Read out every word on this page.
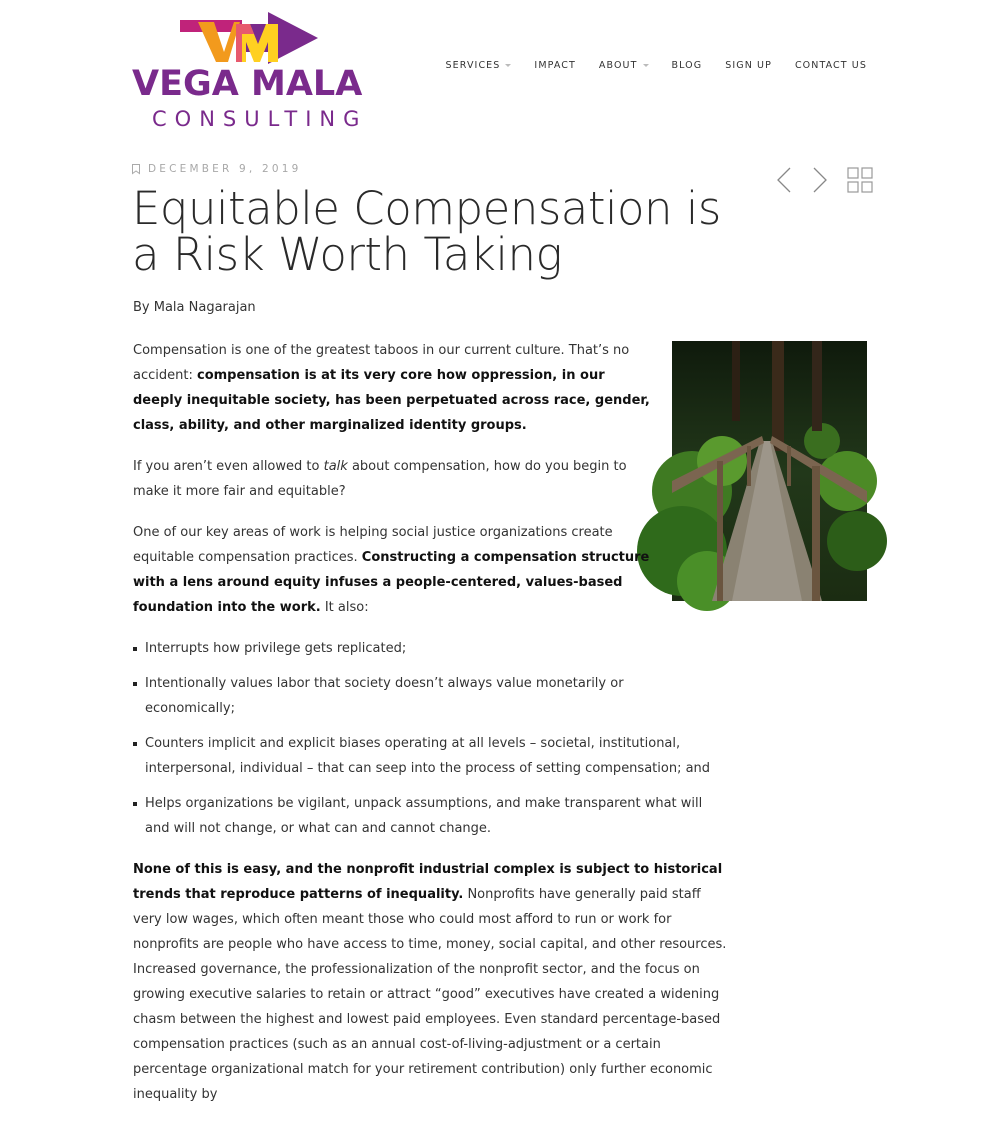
VEGA MALA
CONSULTING
SERVICES	IMPACT ABOUT	BLOG SIGN UP CONTACT US
DECEMBER 9, 2019
Equitable Compensation is a Risk Worth Taking
By Mala Nagarajan

Compensation is one of the greatest taboos in our current culture. That’s no accident: compensation is at its very core how oppression, in our deeply inequitable society, has been perpetuated across race, gender, class, ability, and other marginalized identity groups.

If you aren’t even allowed to talk about compensation, how do you begin to make it more fair and equitable?

One of our key areas of work is helping social justice organizations create equitable compensation practices. Constructing a compensation structure with a lens around equity infuses a people-centered, values-based foundation into the work. It also:

Interrupts how privilege gets replicated;
Intentionally values labor that society doesn’t always value monetarily or economically;
Counters implicit and explicit biases operating at all levels – societal, institutional, interpersonal, individual – that can seep into the process of setting compensation; and
Helps organizations be vigilant, unpack assumptions, and make transparent what will and will not change, or what can and cannot change.

None of this is easy, and the nonprofit industrial complex is subject to historical trends that reproduce patterns of inequality. Nonprofits have generally paid staff very low wages, which often meant those who could most afford to run or work for nonprofits are people who have access to time, money, social capital, and other resources. Increased governance, the professionalization of the nonprofit sector, and the focus on growing executive salaries to retain or attract “good” executives have created a widening chasm between the highest and lowest paid employees. Even standard percentage-based compensation practices (such as an annual cost-of-living-adjustment or a certain percentage organizational match for your retirement contribution) only further economic inequality by
